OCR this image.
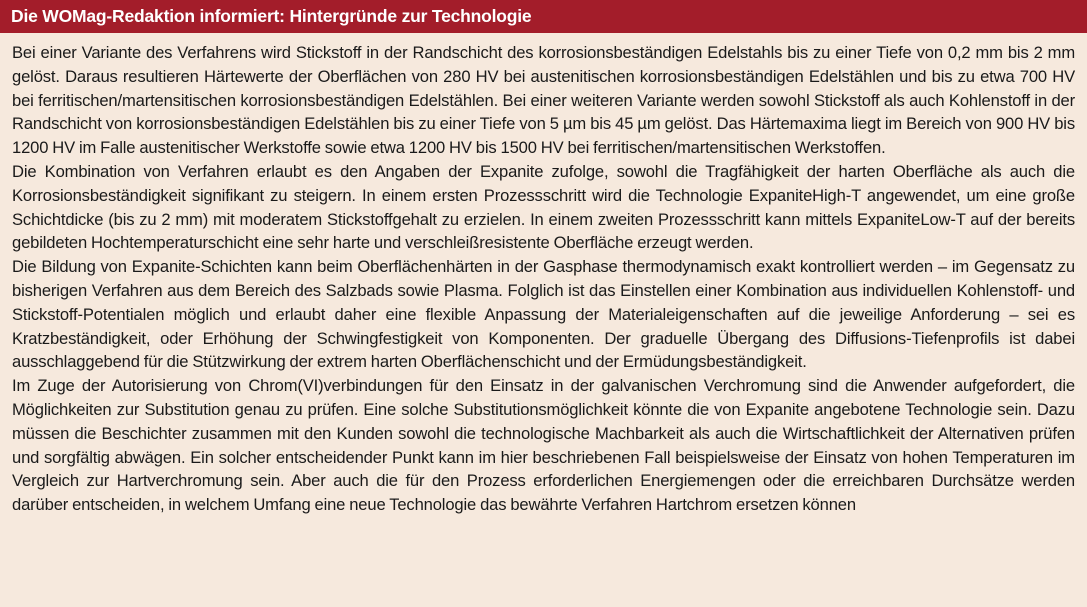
Die WOMag-Redaktion informiert: Hintergründe zur Technologie

Bei einer Variante des Verfahrens wird Stickstoff in der Randschicht des korrosionsbeständigen Edelstahls bis zu einer Tiefe von 0,2 mm bis 2 mm gelöst. Daraus resultieren Härtewerte der Oberflächen von 280 HV bei austenitischen korrosionsbeständigen Edelstählen und bis zu etwa 700 HV bei ferritischen/martensitischen korrosionsbeständigen Edelstählen. Bei einer weiteren Variante werden sowohl Stickstoff als auch Kohlenstoff in der Randschicht von korrosionsbeständigen Edelstählen bis zu einer Tiefe von 5 µm bis 45 µm gelöst. Das Härtemaxima liegt im Bereich von 900 HV bis 1200 HV im Falle austenitischer Werkstoffe sowie etwa 1200 HV bis 1500 HV bei ferritischen/martensitischen Werkstoffen.

Die Kombination von Verfahren erlaubt es den Angaben der Expanite zufolge, sowohl die Tragfähigkeit der harten Oberfläche als auch die Korrosionsbeständigkeit signifikant zu steigern. In einem ersten Prozessschritt wird die Technologie ExpaniteHigh-T angewendet, um eine große Schichtdicke (bis zu 2 mm) mit moderatem Stickstoffgehalt zu erzielen. In einem zweiten Prozessschritt kann mittels ExpaniteLow-T auf der bereits gebildeten Hochtemperaturschicht eine sehr harte und verschleißresistente Oberfläche erzeugt werden.

Die Bildung von Expanite-Schichten kann beim Oberflächenhärten in der Gasphase thermodynamisch exakt kontrolliert werden – im Gegensatz zu bisherigen Verfahren aus dem Bereich des Salzbads sowie Plasma. Folglich ist das Einstellen einer Kombination aus individuellen Kohlenstoff- und Stickstoff-Potentialen möglich und erlaubt daher eine flexible Anpassung der Materialeigenschaften auf die jeweilige Anforderung – sei es Kratzbeständigkeit, oder Erhöhung der Schwingfestigkeit von Komponenten. Der graduelle Übergang des Diffusions-Tiefenprofils ist dabei ausschlaggebend für die Stützwirkung der extrem harten Oberflächenschicht und der Ermüdungsbeständigkeit.

Im Zuge der Autorisierung von Chrom(VI)verbindungen für den Einsatz in der galvanischen Verchromung sind die Anwender aufgefordert, die Möglichkeiten zur Substitution genau zu prüfen. Eine solche Substitutionsmöglichkeit könnte die von Expanite angebotene Technologie sein. Dazu müssen die Beschichter zusammen mit den Kunden sowohl die technologische Machbarkeit als auch die Wirtschaftlichkeit der Alternativen prüfen und sorgfältig abwägen. Ein solcher entscheidender Punkt kann im hier beschriebenen Fall beispielsweise der Einsatz von hohen Temperaturen im Vergleich zur Hartverchromung sein. Aber auch die für den Prozess erforderlichen Energiemengen oder die erreichbaren Durchsätze werden darüber entscheiden, in welchem Umfang eine neue Technologie das bewährte Verfahren Hartchrom ersetzen können
